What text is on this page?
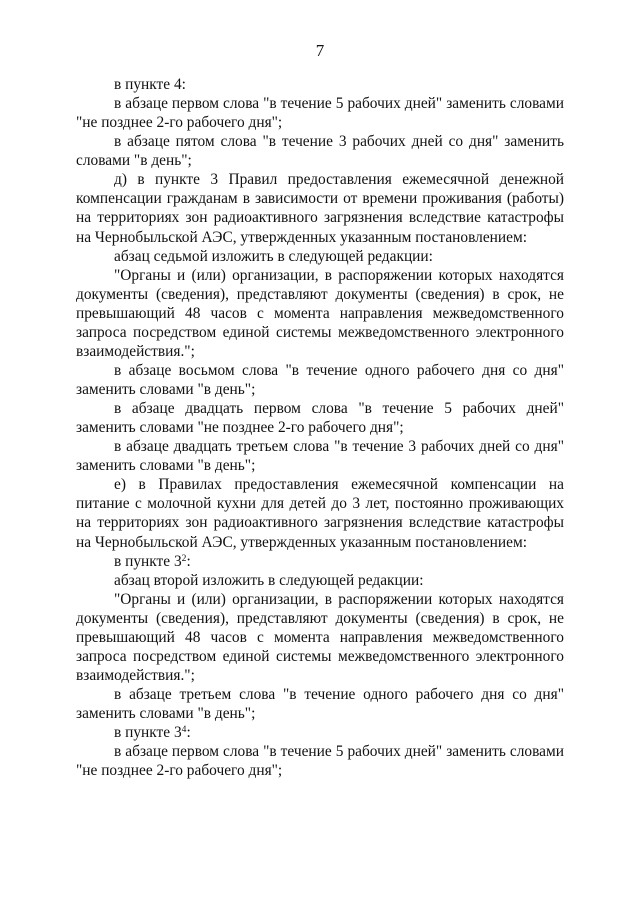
7

в пункте 4:

в абзаце первом слова "в течение 5 рабочих дней" заменить словами "не позднее 2-го рабочего дня";

в абзаце пятом слова "в течение 3 рабочих дней со дня" заменить словами "в день";

д) в пункте 3 Правил предоставления ежемесячной денежной компенсации гражданам в зависимости от времени проживания (работы) на территориях зон радиоактивного загрязнения вследствие катастрофы на Чернобыльской АЭС, утвержденных указанным постановлением:

абзац седьмой изложить в следующей редакции:

"Органы и (или) организации, в распоряжении которых находятся документы (сведения), представляют документы (сведения) в срок, не превышающий 48 часов с момента направления межведомственного запроса посредством единой системы межведомственного электронного взаимодействия.";

в абзаце восьмом слова "в течение одного рабочего дня со дня" заменить словами "в день";

в абзаце двадцать первом слова "в течение 5 рабочих дней" заменить словами "не позднее 2-го рабочего дня";

в абзаце двадцать третьем слова "в течение 3 рабочих дней со дня" заменить словами "в день";

е) в Правилах предоставления ежемесячной компенсации на питание с молочной кухни для детей до 3 лет, постоянно проживающих на территориях зон радиоактивного загрязнения вследствие катастрофы на Чернобыльской АЭС, утвержденных указанным постановлением:

в пункте $3^2$:

абзац второй изложить в следующей редакции:

"Органы и (или) организации, в распоряжении которых находятся документы (сведения), представляют документы (сведения) в срок, не превышающий 48 часов с момента направления межведомственного запроса посредством единой системы межведомственного электронного взаимодействия.";

в абзаце третьем слова "в течение одного рабочего дня со дня" заменить словами "в день";

в пункте $3^4$:

в абзаце первом слова "в течение 5 рабочих дней" заменить словами "не позднее 2-го рабочего дня";
